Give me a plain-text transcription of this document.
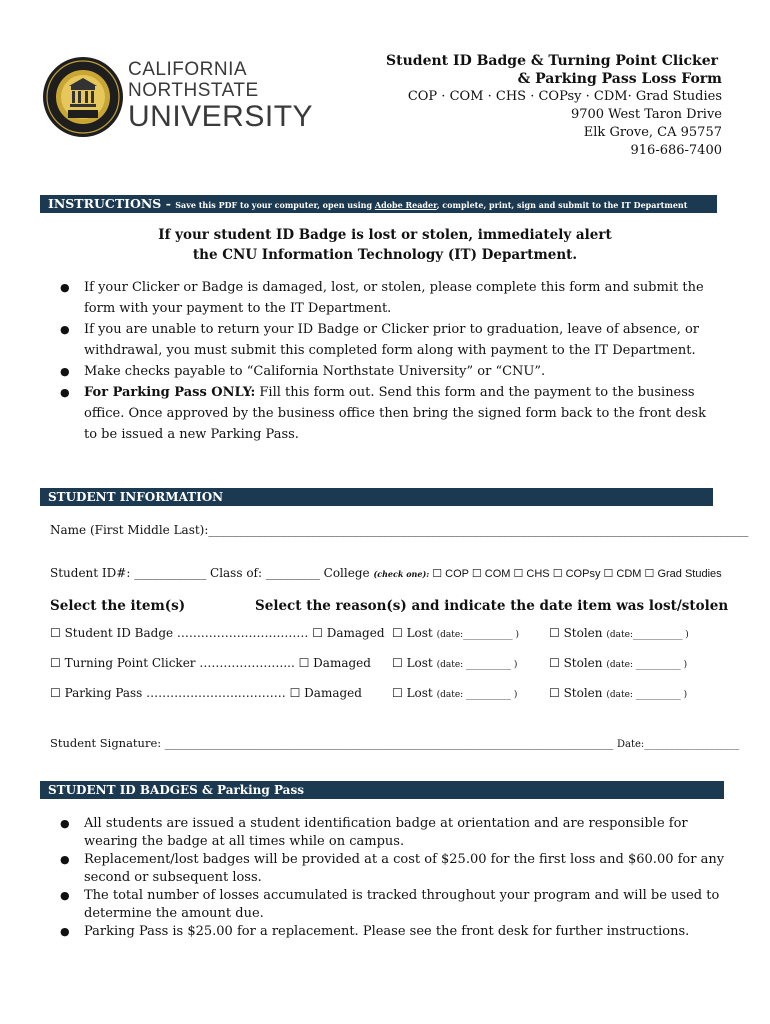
CALIFORNIA
NORTHSTATE
UNIVERSITY
Student ID Badge & Turning Point Clicker
& Parking Pass Loss Form
COP · COM · CHS · COPsy · CDM· Grad Studies
9700 West Taron Drive
Elk Grove, CA 95757
916-686-7400
INSTRUCTIONS - Save this PDF to your computer, open using Adobe Reader, complete, print, sign and submit to the IT Department
If your student ID Badge is lost or stolen, immediately alert
the CNU Information Technology (IT) Department.
● If your Clicker or Badge is damaged, lost, or stolen, please complete this form and submit the form with your payment to the IT Department.
● If you are unable to return your ID Badge or Clicker prior to graduation, leave of absence, or withdrawal, you must submit this completed form along with payment to the IT Department.
● Make checks payable to “California Northstate University” or “CNU”.
● For Parking Pass ONLY: Fill this form out. Send this form and the payment to the business office. Once approved by the business office then bring the signed form back to the front desk to be issued a new Parking Pass.
STUDENT INFORMATION
Name (First Middle Last):__________________________________________________________________________________________
Student ID#: ____________ Class of: _________ College (check one): ☐ COP ☐ COM ☐ CHS ☐ COPsy ☐ CDM ☐ Grad Studies
Select the item(s)	Select the reason(s) and indicate the date item was lost/stolen
☐ Student ID Badge …….……….……….…… ☐ Damaged ☐ Lost (date:___________ ) ☐ Stolen (date:___________ )
☐ Turning Point Clicker …………………... ☐ Damaged ☐ Lost (date: __________ )	☐ Stolen (date: __________ )
☐ Parking Pass ………….……….………… ☐ Damaged	☐ Lost (date: __________ )	☐ Stolen (date: __________ )
Student Signature: ______________________________________________________________________________ Date:___________________
STUDENT ID BADGES & Parking Pass
● All students are issued a student identification badge at orientation and are responsible for wearing the badge at all times while on campus.
● Replacement/lost badges will be provided at a cost of $25.00 for the first loss and $60.00 for any second or subsequent loss.
● The total number of losses accumulated is tracked throughout your program and will be used to determine the amount due.
● Parking Pass is $25.00 for a replacement. Please see the front desk for further instructions.
